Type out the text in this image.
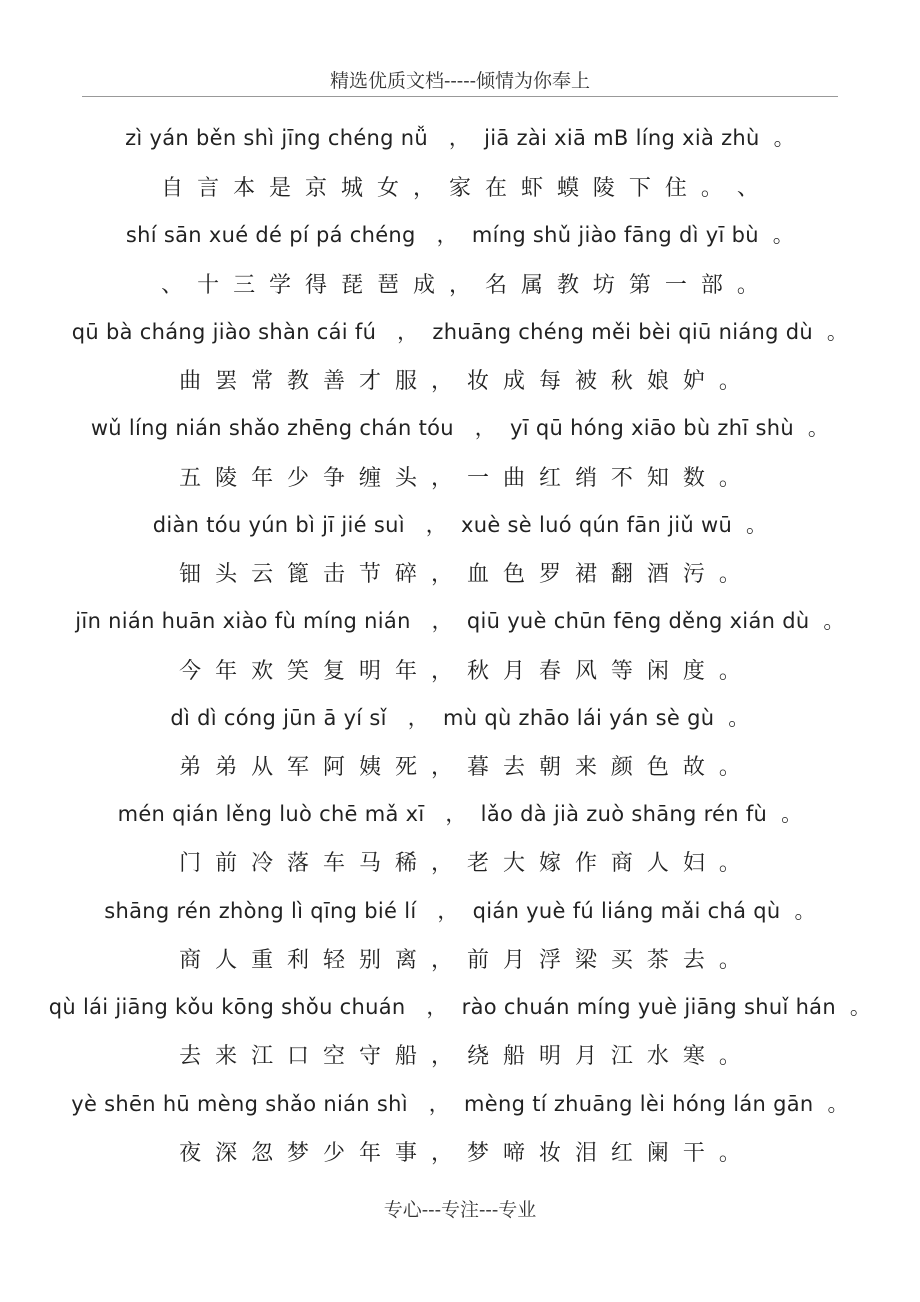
精选优质文档-----倾情为你奉上
zì yán běn shì jīng chéng nǚ   ，  jiā zài xiā mB líng xià zhù  。
自  言  本  是  京  城  女  ，  家  在  虾  蟆  陵  下  住  。  、
shí sān xué dé pí pá chéng   ，  míng shǔ jiào fāng dì yī bù  。
、  十  三  学  得  琵  琶  成  ，  名  属  教  坊  第  一  部  。
qū bà cháng jiào shàn cái fú   ，  zhuāng chéng měi bèi qiū niáng dù  。
曲  罢  常  教  善  才  服  ，  妆  成  每  被  秋  娘  妒  。
wǔ líng nián shǎo zhēng chán tóu   ，  yī qū hóng xiāo bù zhī shù  。
五  陵  年  少  争  缠  头  ，  一  曲  红  绡  不  知  数  。
diàn tóu yún bì jī jié suì   ，  xuè sè luó qún fān jiǔ wū  。
钿  头  云  篦  击  节  碎  ，  血  色  罗  裙  翻  酒  污  。
jīn nián huān xiào fù míng nián   ，  qiū yuè chūn fēng děng xián dù  。
今  年  欢  笑  复  明  年  ，  秋  月  春  风  等  闲  度  。
dì dì cóng jūn ā yí sǐ   ，  mù qù zhāo lái yán sè gù  。
弟  弟  从  军  阿  姨  死  ，  暮  去  朝  来  颜  色  故  。
mén qián lěng luò chē mǎ xī   ，  lǎo dà jià zuò shāng rén fù  。
门  前  冷  落  车  马  稀  ，  老  大  嫁  作  商  人  妇  。
shāng rén zhòng lì qīng bié lí   ，  qián yuè fú liáng mǎi chá qù  。
商  人  重  利  轻  别  离  ，  前  月  浮  梁  买  茶  去  。
qù lái jiāng kǒu kōng shǒu chuán   ，  rào chuán míng yuè jiāng shuǐ hán  。
去  来  江  口  空  守  船  ，  绕  船  明  月  江  水  寒  。
yè shēn hū mèng shǎo nián shì   ，  mèng tí zhuāng lèi hóng lán gān  。
夜  深  忽  梦  少  年  事  ，  梦  啼  妆  泪  红  阑  干  。
专心---专注---专业
